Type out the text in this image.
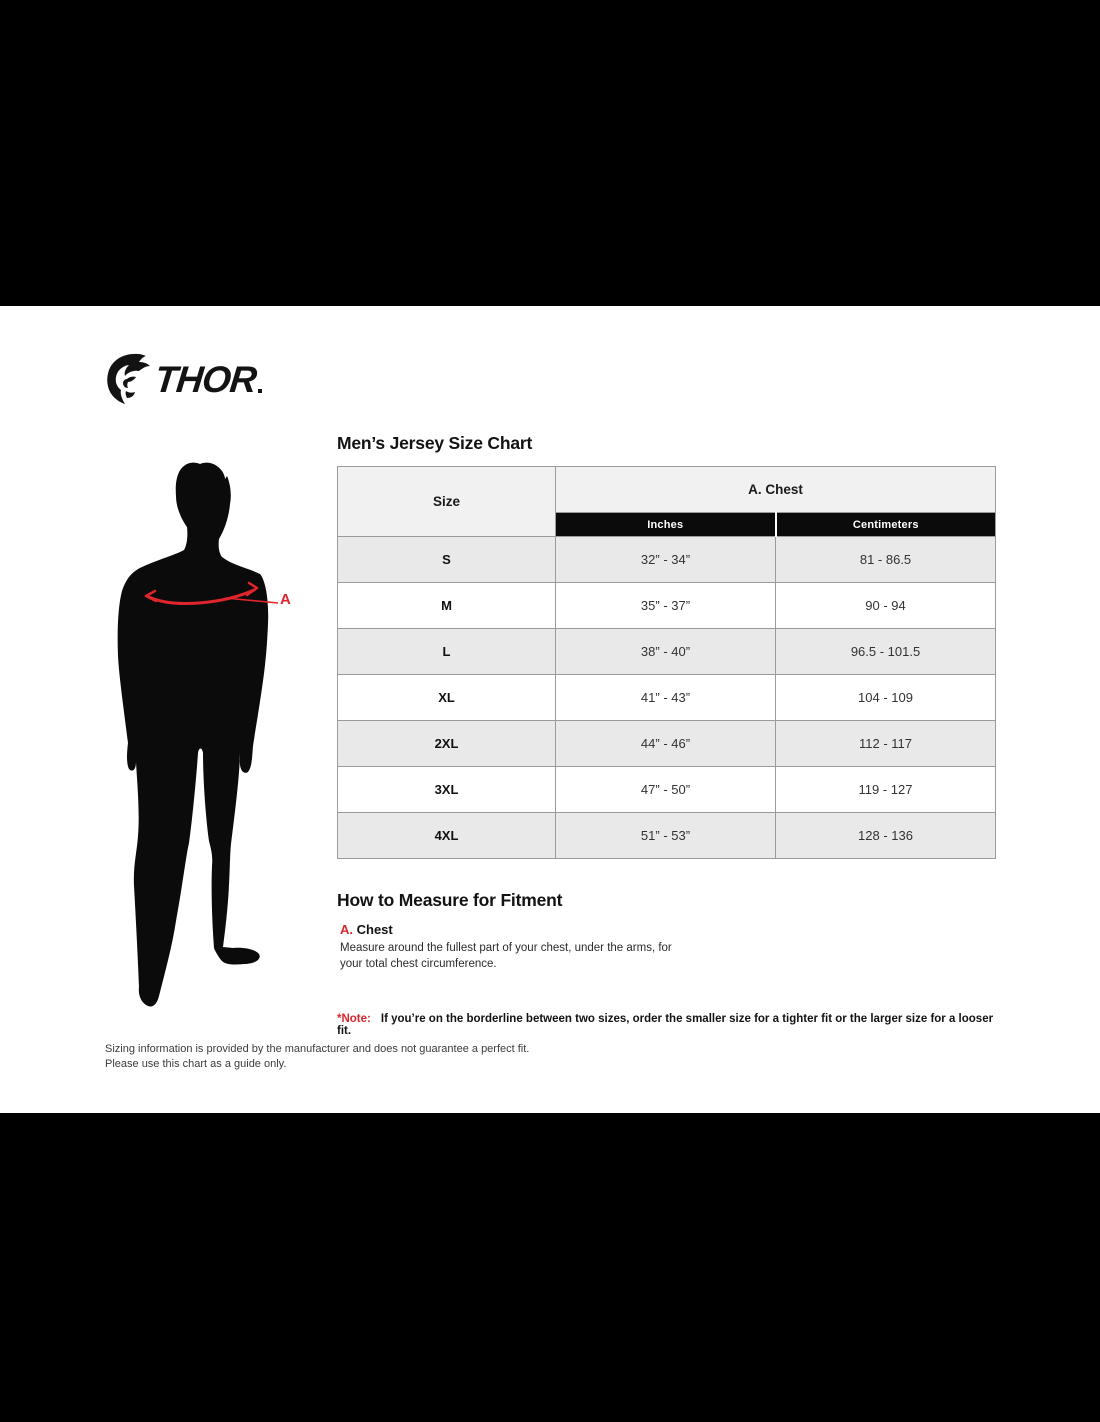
THOR
A
Men’s Jersey Size Chart
Size	A. Chest	
	Inches	Centimeters
S	32” - 34”	81 - 86.5
M	35” - 37”	90 - 94
L	38” - 40”	96.5 - 101.5
XL	41” - 43”	104 - 109
2XL	44” - 46”	112 - 117
3XL	47” - 50”	119 - 127
4XL	51” - 53”	128 - 136
How to Measure for Fitment
A. Chest
Measure around the fullest part of your chest, under the arms, for your total chest circumference.
*Note: If you’re on the borderline between two sizes, order the smaller size for a tighter fit or the larger size for a looser fit.
Sizing information is provided by the manufacturer and does not guarantee a perfect fit.
Please use this chart as a guide only.
